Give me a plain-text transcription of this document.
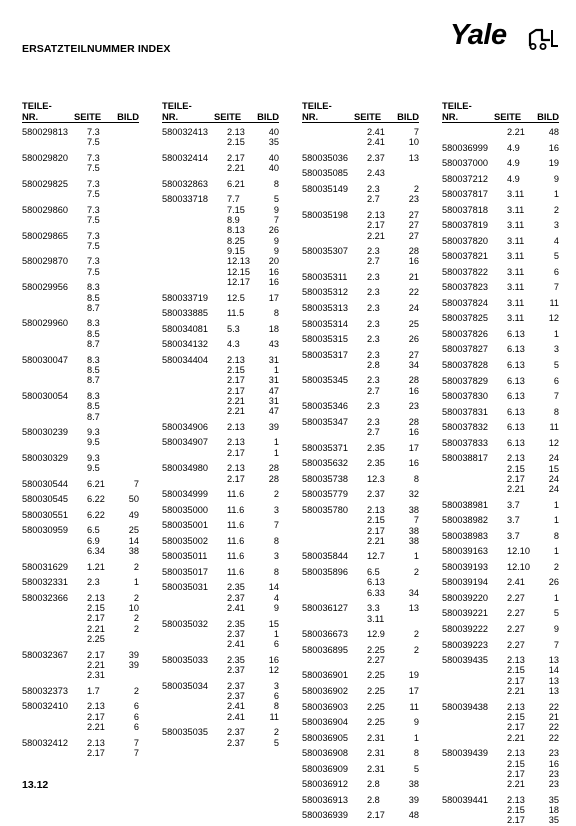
ERSATZTEILNUMMER INDEX	Yale
TEILE-
NR.	SEITE BILD
580029813 7.3
7.5
580029820 7.3
7.5
580029825 7.3
7.5
580029860 7.3
7.5
580029865 7.3
7.5
580029870 7.3
7.5
580029956 8.3
8.5
8.7
580029960 8.3
8.5
8.7
580030047 8.3
8.5
8.7
580030054 8.3
8.5
8.7
580030239 9.3
9.5
580030329 9.3
9.5
580030544 6.21	7
580030545 6.22	50
580030551 6.22	49
580030959 6.5	25
6.9	14
6.34	38
580031629 1.21	2
580032331 2.3	1
580032366 2.13	2
2.15	10
2.17	2
2.21	2
2.25
580032367 2.17	39
2.21	39
2.31
580032373 1.7	2
580032410 2.13	6
2.17	6
2.21	6
580032412 2.13	7
2.17	7
TEILE-
NR.	SEITE BILD
580032413 2.13	40
2.15	35
580032414 2.17	40
2.21	40
580032863 6.21	8
580033718 7.7	5
7.15	9
8.9	7
8.13	26
8.25	9
9.15	9
12.13 20
12.15 16
12.17 16
580033719 12.5	17
580033885 11.5	8
580034081 5.3	18
580034132 4.3	43
580034404 2.13	31
2.15	1
2.17	31
2.17	47
2.21	31
2.21	47
580034906 2.13	39
580034907 2.13	1
2.17	1
580034980 2.13	28
2.17	28
580034999 11.6	2
580035000 11.6	3
580035001 11.6	7
580035002 11.6	8
580035011 11.6	3
580035017 11.6	8
580035031 2.35	14
2.37	4
2.41	9
580035032 2.35	15
2.37	1
2.41	6
580035033 2.35	16
2.37	12
580035034 2.37	3
2.37	6
2.41	8
2.41	11
580035035 2.37	2
2.37	5
TEILE-
NR.	SEITE BILD
2.41	7
2.41	10
580035036 2.37	13
580035085 2.43
580035149 2.3	2
2.7	23
580035198 2.13	27
2.17	27
2.21	27
580035307 2.3	28
2.7	16
580035311 2.3	21
580035312 2.3	22
580035313 2.3	24
580035314 2.3	25
580035315 2.3	26
580035317 2.3	27
2.8	34
580035345 2.3	28
2.7	16
580035346 2.3	23
580035347 2.3	28
2.7	16
580035371 2.35	17
580035632 2.35	16
580035738 12.3	8
580035779 2.37	32
580035780 2.13	38
2.15	7
2.17	38
2.21	38
580035844 12.7	1
580035896 6.5	2
6.13
6.33	34
580036127 3.3	13
3.11
580036673 12.9	2
580036895 2.25	2
2.27
580036901 2.25	19
580036902 2.25	17
580036903 2.25	11
580036904 2.25	9
580036905 2.31	1
580036908 2.31	8
580036909 2.31	5
580036912 2.8	38
580036913 2.8	39
580036939 2.17	48
TEILE-
NR.	SEITE BILD
2.21	48
580036999 4.9	16
580037000 4.9	19
580037212 4.9	9
580037817 3.11	1
580037818 3.11	2
580037819 3.11	3
580037820 3.11	4
580037821 3.11	5
580037822 3.11	6
580037823 3.11	7
580037824 3.11	11
580037825 3.11	12
580037826 6.13	1
580037827 6.13	3
580037828 6.13	5
580037829 6.13	6
580037830 6.13	7
580037831 6.13	8
580037832 6.13	11
580037833 6.13	12
580038817 2.13	24
2.15	15
2.17	24
2.21	24
580038981 3.7	1
580038982 3.7	1
580038983 3.7	8
580039163 12.10	1
580039193 12.10	2
580039194 2.41	26
580039220 2.27	1
580039221 2.27	5
580039222 2.27	9
580039223 2.27	7
580039435 2.13	13
2.15	14
2.17	13
2.21	13
580039438 2.13	22
2.15	21
2.17	22
2.21	22
580039439 2.13	23
2.15	16
2.17	23
2.21	23
580039441 2.13	35
2.15	18
2.17	35
13.12
